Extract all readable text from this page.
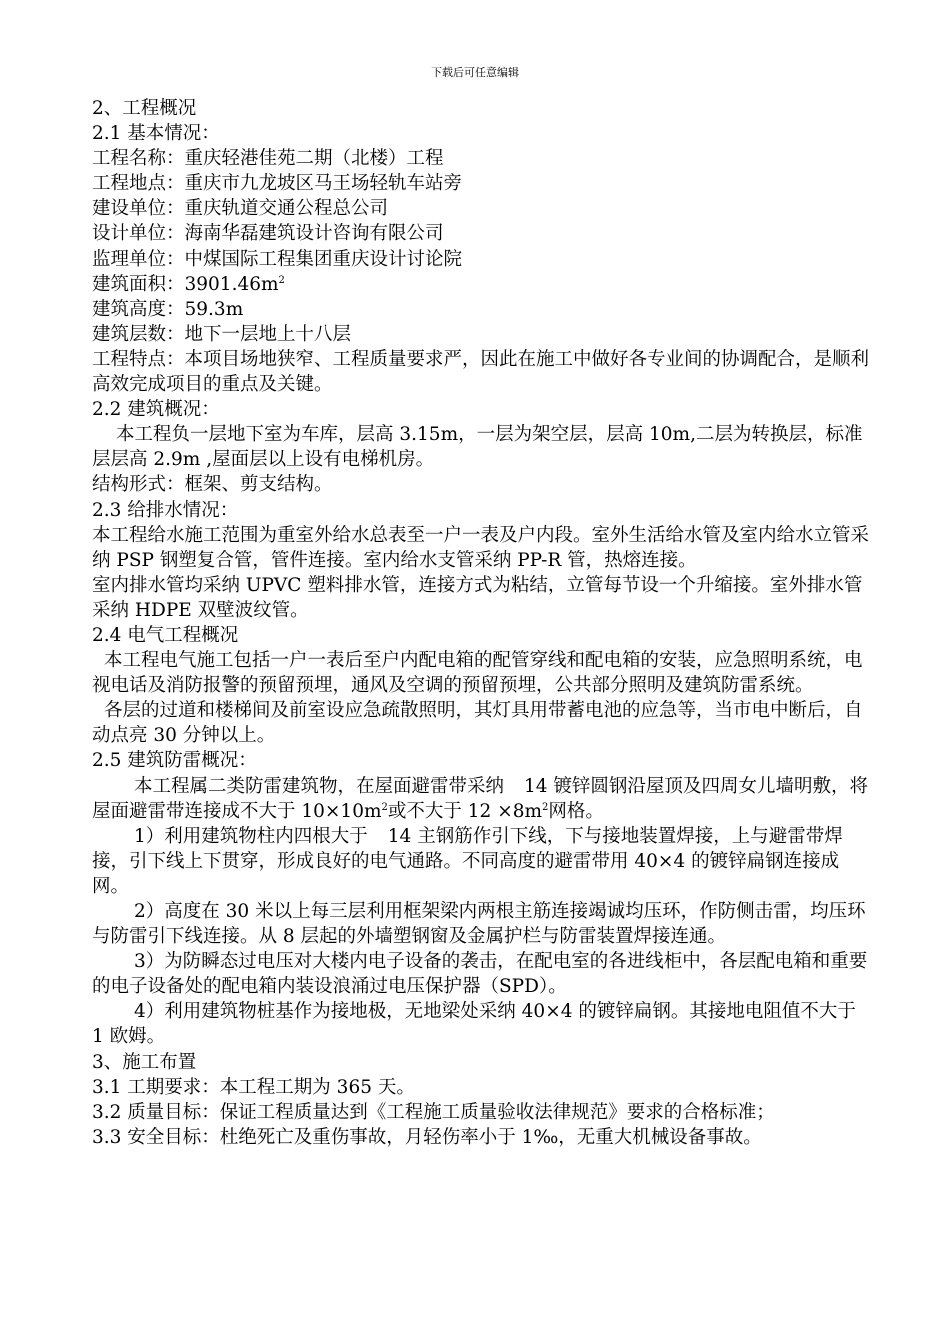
下载后可任意编辑

2、工程概况

2.1 基本情况：

工程名称：重庆轻港佳苑二期（北楼）工程

工程地点：重庆市九龙坡区马王场轻轨车站旁

建设单位：重庆轨道交通公程总公司

设计单位：海南华磊建筑设计咨询有限公司

监理单位：中煤国际工程集团重庆设计讨论院

建筑面积：$3901.46m^2$

建筑高度：59.3m

建筑层数：地下一层地上十八层

工程特点：本项目场地狭窄、工程质量要求严，因此在施工中做好各专业间的协调配合，是顺利高效完成项目的重点及关键。

2.2 建筑概况：

本工程负一层地下室为车库，层高 3.15m，一层为架空层，层高 10m,二层为转换层，标准层层高 2.9m ,屋面层以上设有电梯机房。

结构形式：框架、剪支结构。

2.3 给排水情况：

本工程给水施工范围为重室外给水总表至一户一表及户内段。室外生活给水管及室内给水立管采纳 PSP 钢塑复合管，管件连接。室内给水支管采纳 PP-R 管，热熔连接。

室内排水管均采纳 UPVC 塑料排水管，连接方式为粘结，立管每节设一个升缩接。室外排水管采纳 HDPE 双壁波纹管。

2.4 电气工程概况

本工程电气施工包括一户一表后至户内配电箱的配管穿线和配电箱的安装，应急照明系统，电视电话及消防报警的预留预埋，通风及空调的预留预埋，公共部分照明及建筑防雷系统。

各层的过道和楼梯间及前室设应急疏散照明，其灯具用带蓄电池的应急等，当市电中断后，自动点亮 30 分钟以上。

2.5 建筑防雷概况：

本工程属二类防雷建筑物，在屋面避雷带采纳 14 镀锌圆钢沿屋顶及四周女儿墙明敷，将屋面避雷带连接成不大于 $10\times 10m^2$或不大于 $12 \times 8m^2$网格。

1）利用建筑物柱内四根大于 14 主钢筋作引下线，下与接地装置焊接，上与避雷带焊接，引下线上下贯穿，形成良好的电气通路。不同高度的避雷带用 40×4 的镀锌扁钢连接成网。

2）高度在 30 米以上每三层利用框架梁内两根主筋连接竭诚均压环，作防侧击雷，均压环与防雷引下线连接。从 8 层起的外墙塑钢窗及金属护栏与防雷装置焊接连通。

3）为防瞬态过电压对大楼内电子设备的袭击，在配电室的各进线柜中，各层配电箱和重要的电子设备处的配电箱内装设浪涌过电压保护器（SPD）。

4）利用建筑物桩基作为接地极，无地梁处采纳 40×4 的镀锌扁钢。其接地电阻值不大于 1 欧姆。

3、施工布置

3.1 工期要求：本工程工期为 365 天。

3.2 质量目标：保证工程质量达到《工程施工质量验收法律规范》要求的合格标准；

3.3 安全目标：杜绝死亡及重伤事故，月轻伤率小于 1‰，无重大机械设备事故。
